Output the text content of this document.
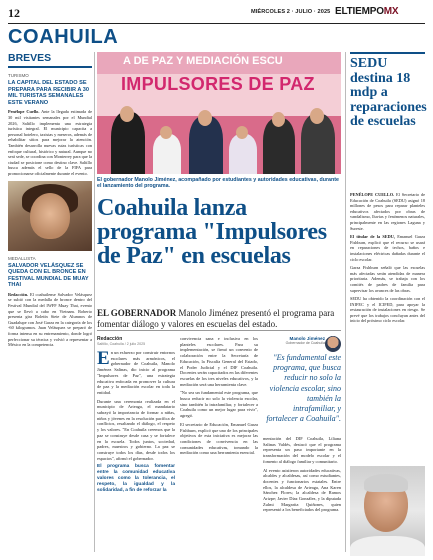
12	MIÉRCOLES 2 · JULIO · 2025 ELTIEMPOMX
COAHUILA
BREVES
TURISMO
LA CAPITAL DEL ESTADO SE PREPARA PARA RECIBIR A 30 MIL TURISTAS SEMANALES ESTE VERANO
Penélope Cuello. Ante la llegada estimada de 30 mil visitantes semanales por el Mundial 2026, Saltillo implementa una estrategia turística integral. El municipio capacita a personal hotelero, taxistas y meseros, además de rehabilitar sitios para mejorar la atención. También desarrolla nuevas rutas turísticas con enfoque cultural, histórico y natural. Aunque no será sede, se coordina con Monterrey para que la ciudad se posicione como destino clave. Saltillo busca además el sello de la FIFA para promocionarse oficialmente durante el evento.
MEDALLISTA
SALVADOR VELÁSQUEZ SE QUEDA CON EL BRONCE EN FESTIVAL MUNDIAL DE MUAY THAI
Redacción. El coahuilense Salvador Velásquez se subió con la medalla de bronce dentro del Festival Mundial del IWFF Muay Thai, evento que se llevó a cabo en Vietnam. Roberto presenta gira Boletín Siete de Alumnos de Guadalupe con José Garza en la categoría de los -60 kilogramos. Juan Velásquez se preparó de forma intensa en su entrenamiento, donde logró perfeccionar su técnica y volvió a representar a México en la competencia.
A DE PAZ Y MEDIACIÓN ESCU
IMPULSORES DE PAZ
El gobernador Manolo Jiménez, acompañado por estudiantes y autoridades educativas, durante el lanzamiento del programa.
Coahuila lanza programa "Impulsores de Paz" en escuelas
EL GOBERNADOR Manolo Jiménez presentó el programa para fomentar diálogo y valores en escuelas del estado.
Redacción
Saltillo, Coahuila / 2 julio 2025

En un esfuerzo por construir entornos escolares más armónicos, el gobernador de Coahuila, Manolo Jiménez Salinas, dio inicio al programa "Impulsores de Paz", una estrategia educativa enfocada en promover la cultura de paz y la mediación escolar en toda la entidad.

Durante una ceremonia realizada en el municipio de Arteaga, el mandatario subrayó la importancia de formar a niñas, niños y jóvenes en la resolución pacífica de conflictos, resaltando el diálogo, el respeto y los valores. "En Coahuila creemos que la paz se construye desde casa y se fortalece en la escuela. Todos juntos, sociedad, padres, maestros y gobierno. La paz se construye todos los días, desde todos los espacios", afirmó el gobernador.

El programa busca fomentar entre la comunidad educativa valores como la tolerancia, el respeto, la igualdad y la solidaridad, a fin de reforzar la

convivencia sana e inclusiva en los planteles escolares. Para su implementación, se firmó un convenio de colaboración entre la Secretaría de Educación, la Fiscalía General del Estado, el Poder Judicial y el DIF Coahuila. Docentes serán capacitados en las diferentes escuelas de los tres niveles educativos, y la mediación será una herramienta clave.

"No sea un fundamental este programa, que busca reducir no solo la violencia escolar, sino también la intrafamiliar, y fortalecer a Coahuila como un mejor lugar para vivir", agregó.

El secretario de Educación, Emanuel Garza Fishburn, explicó que uno de los principales objetivos de esta iniciativa es mejorar las condiciones de convivencia en las comunidades educativas, tomando la mediación como una herramienta esencial.

Manolo Jiménez
Gobernador de Coahuila
"Es fundamental este programa, que busca reducir no solo la violencia escolar, sino también la intrafamiliar, y fortalecer a Coahuila".

mentación del DIF Coahuila, Liliana Salinas Valdés, destacó que el programa representa un paso importante en la transformación del modelo escolar y el fomento al diálogo familiar y comunitario.

Al evento asistieron autoridades educativas, alcaldes y alcaldesas, así como estudiantes, docentes y funcionarios estatales. Entre ellos, la alcaldesa de Arteaga, Ana Karen Sánchez Flores; la alcaldesa de Ramos Arizpe; Javier Díaz González, y la diputada Zulmi Margarita Quiñones, quien representó a los beneficiados del programa.

SEDU destina 18 mdp a reparaciones de escuelas

PENÉLOPE CUELLO. El Secretario de Educación de Coahuila (SEDU) asignó 18 millones de pesos para reparar planteles educativos afectados por obras de vandalismo, lluvias y fenómenos naturales, principalmente en las regiones Laguna y Sureste.

El titular de la SEDU, Emanuel Garza Fishburn, explicó que el recurso se usará en reparaciones de techos, baños e instalaciones eléctricas dañadas durante el ciclo escolar.

Garza Fishburn señaló que las escuelas más afectadas serán atendidas de manera prioritaria. Además, se trabaja con los comités de padres de familia para supervisar los avances de las obras.

SEDU ha obtenido la coordinación con el INIFEC y el ICIFED, para apoyar la restauración de instalaciones en riesgo. Se prevé que los trabajos concluyan antes del inicio del próximo ciclo escolar.
